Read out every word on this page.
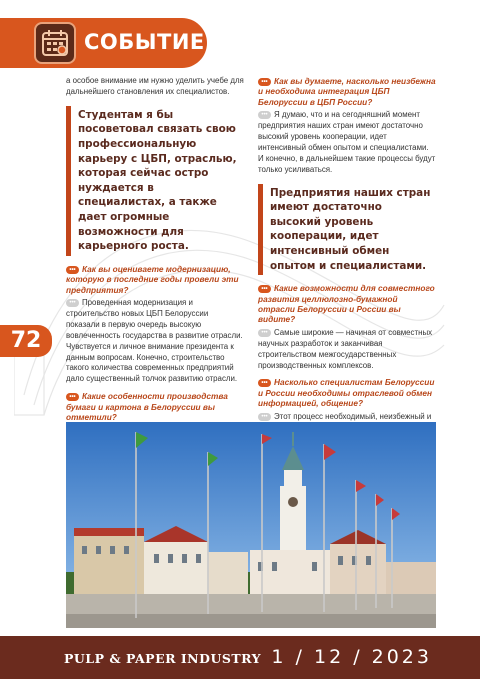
СОБЫТИЕ
72

а особое внимание им нужно уделить учебе для дальнейшего становления их специалистов.

Студентам я бы посоветовал связать свою профессиональную карьеру с ЦБП, отраслью, которая сейчас остро нуждается в специалистах, а также дает огромные возможности для карьерного роста.

••• Как вы оцениваете модернизацию, которую в последние годы провели эти предприятия?

••• Проведенная модернизация и строительство новых ЦБП Белоруссии показали в первую очередь высокую вовлеченность государства в развитие отрасли. Чувствуется и личное внимание президента к данным вопросам. Конечно, строительство такого количества современных предприятий дало существенный толчок развитию отрасли.

••• Какие особенности производства бумаги и картона в Белоруссии вы отметили?

••• Как вы думаете, насколько неизбежна и необходима интеграция ЦБП Белоруссии в ЦБП России?

••• Я думаю, что и на сегодняшний момент предприятия наших стран имеют достаточно высокий уровень кооперации, идет интенсивный обмен опытом и специалистами. И конечно, в дальнейшем такие процессы будут только усиливаться.

Предприятия наших стран имеют достаточно высокий уровень кооперации, идет интенсивный обмен опытом и специалистами.

••• Какие возможности для совместного развития целлюлозно-бумажной отрасли Белоруссии и России вы видите?

••• Самые широкие — начиная от совместных научных разработок и заканчивая строительством межгосударственных производственных комплексов.

••• Насколько специалистам Белоруссии и России необходимы отраслевой обмен информацией, общение?

••• Этот процесс необходимый, неизбежный и

PULP & PAPER INDUSTRY 1 / 12 / 2023
